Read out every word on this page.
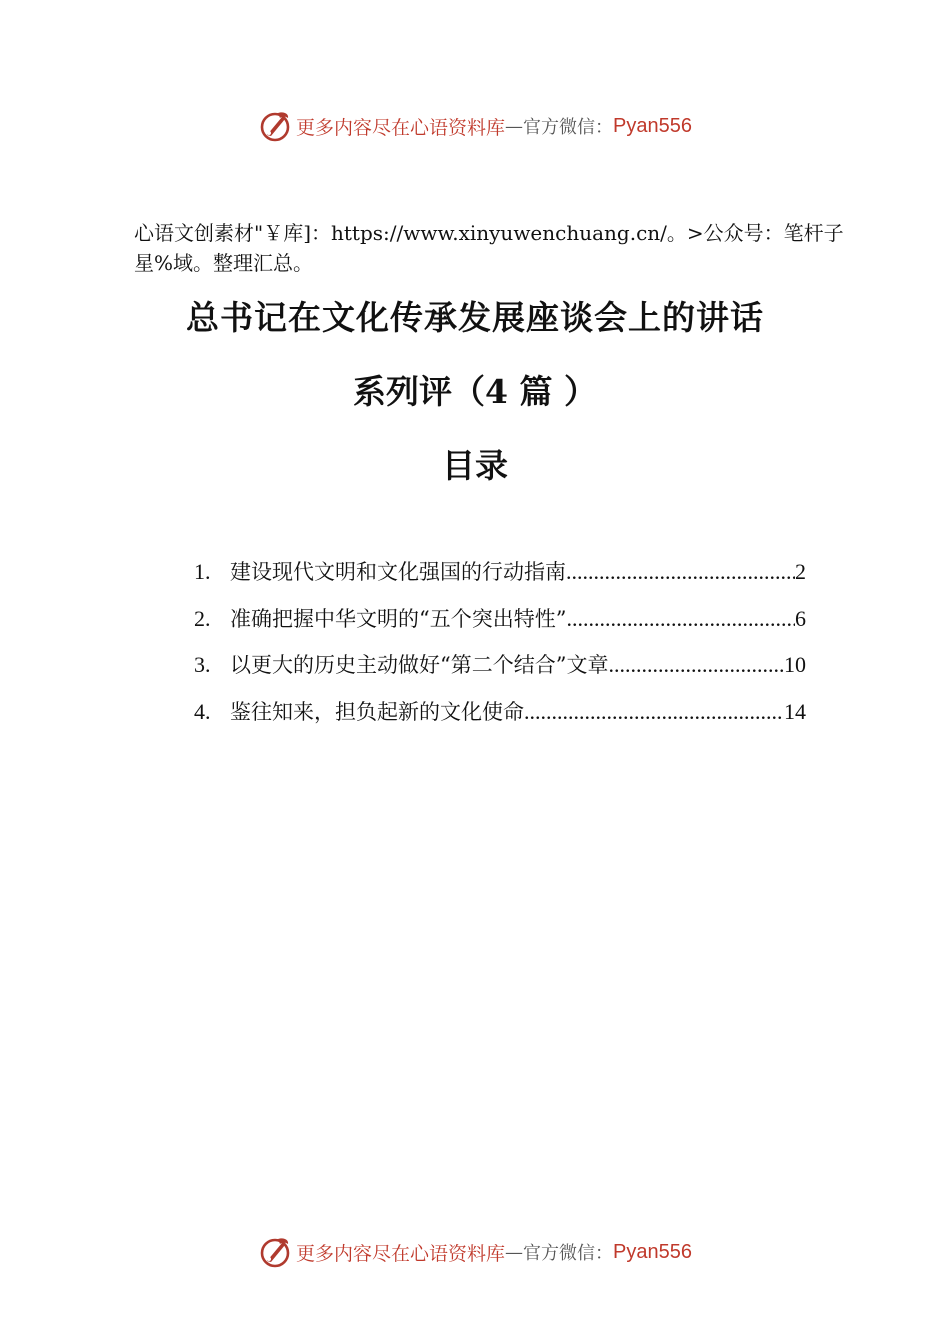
更多内容尽在心语资料库 — 官方微信： Pyan556
心语文创素材"￥库]：https://www.xinyuwenchuang.cn/。>公众号：笔杆子星%域。整理汇总。
总书记在文化传承发展座谈会上的讲话
系列评（4 篇 ）
目录
1. 建设现代文明和文化强国的行动指南 .....	2
2. 准确把握中华文明的“五个突出特性” .....	6
3. 以更大的历史主动做好“第二个结合”文章 .....	10
4. 鉴往知来，担负起新的文化使命 .....	14
更多内容尽在心语资料库 — 官方微信： Pyan556
